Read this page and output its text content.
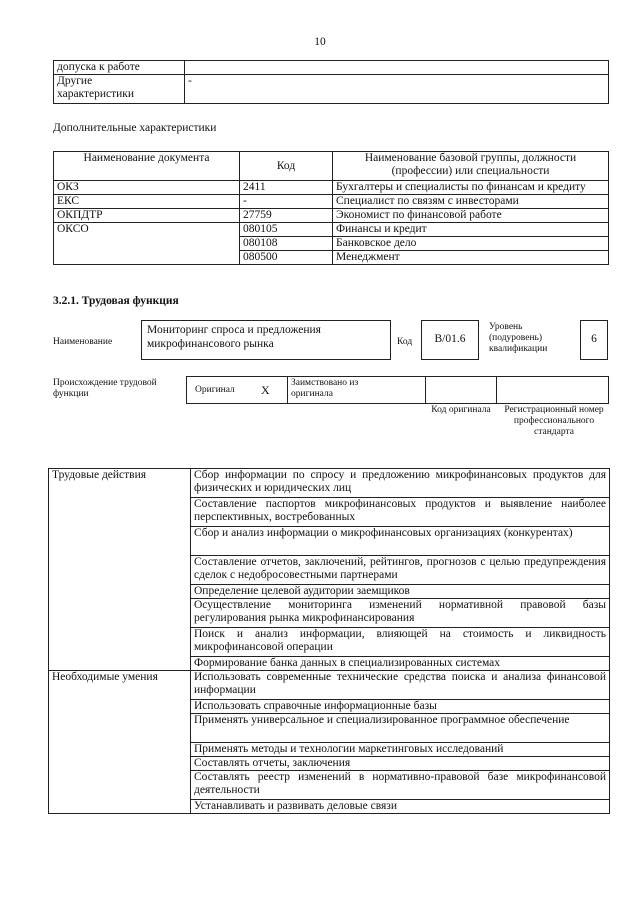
10
допуска к работе	
Другие характеристики	-
Дополнительные характеристики
Наименование документа	Код	Наименование базовой группы, должности (профессии) или специальности
ОКЗ	2411	Бухгалтеры и специалисты по финансам и кредиту
ЕКС	-	Специалист по связям с инвесторами
ОКПДТР	27759	Экономист по финансовой работе
ОКСО	080105	Финансы и кредит
	080108	Банковское дело
	080500	Менеджмент
3.2.1. Трудовая функция
Наименование
Мониторинг спроса и предложения микрофинансового рынка	Код	B/01.6
Уровень (подуровень) квалификации
6
Происхождение трудовой функции	Оригинал X Заимствовано из оригинала
Код оригинала Регистрационный номер профессионального стандарта
Трудовые действия	Сбор информации по спросу и предложению микрофинансовых продуктов для физических и юридических лиц
	Составление паспортов микрофинансовых продуктов и выявление наиболее перспективных, востребованных
	Сбор и анализ информации о микрофинансовых организациях (конкурентах)
	Составление отчетов, заключений, рейтингов, прогнозов с целью предупреждения сделок с недобросовестными партнерами
	Определение целевой аудитории заемщиков
	Осуществление мониторинга изменений нормативной правовой базы регулирования рынка микрофинансирования
	Поиск и анализ информации, влияющей на стоимость и ликвидность микрофинансовой операции
	Формирование банка данных в специализированных системах
Необходимые умения	Использовать современные технические средства поиска и анализа финансовой информации
	Использовать справочные информационные базы
	Применять универсальное и специализированное программное обеспечение
	Применять методы и технологии маркетинговых исследований
	Составлять отчеты, заключения
	Составлять реестр изменений в нормативно-правовой базе микрофинансовой деятельности
	Устанавливать и развивать деловые связи
